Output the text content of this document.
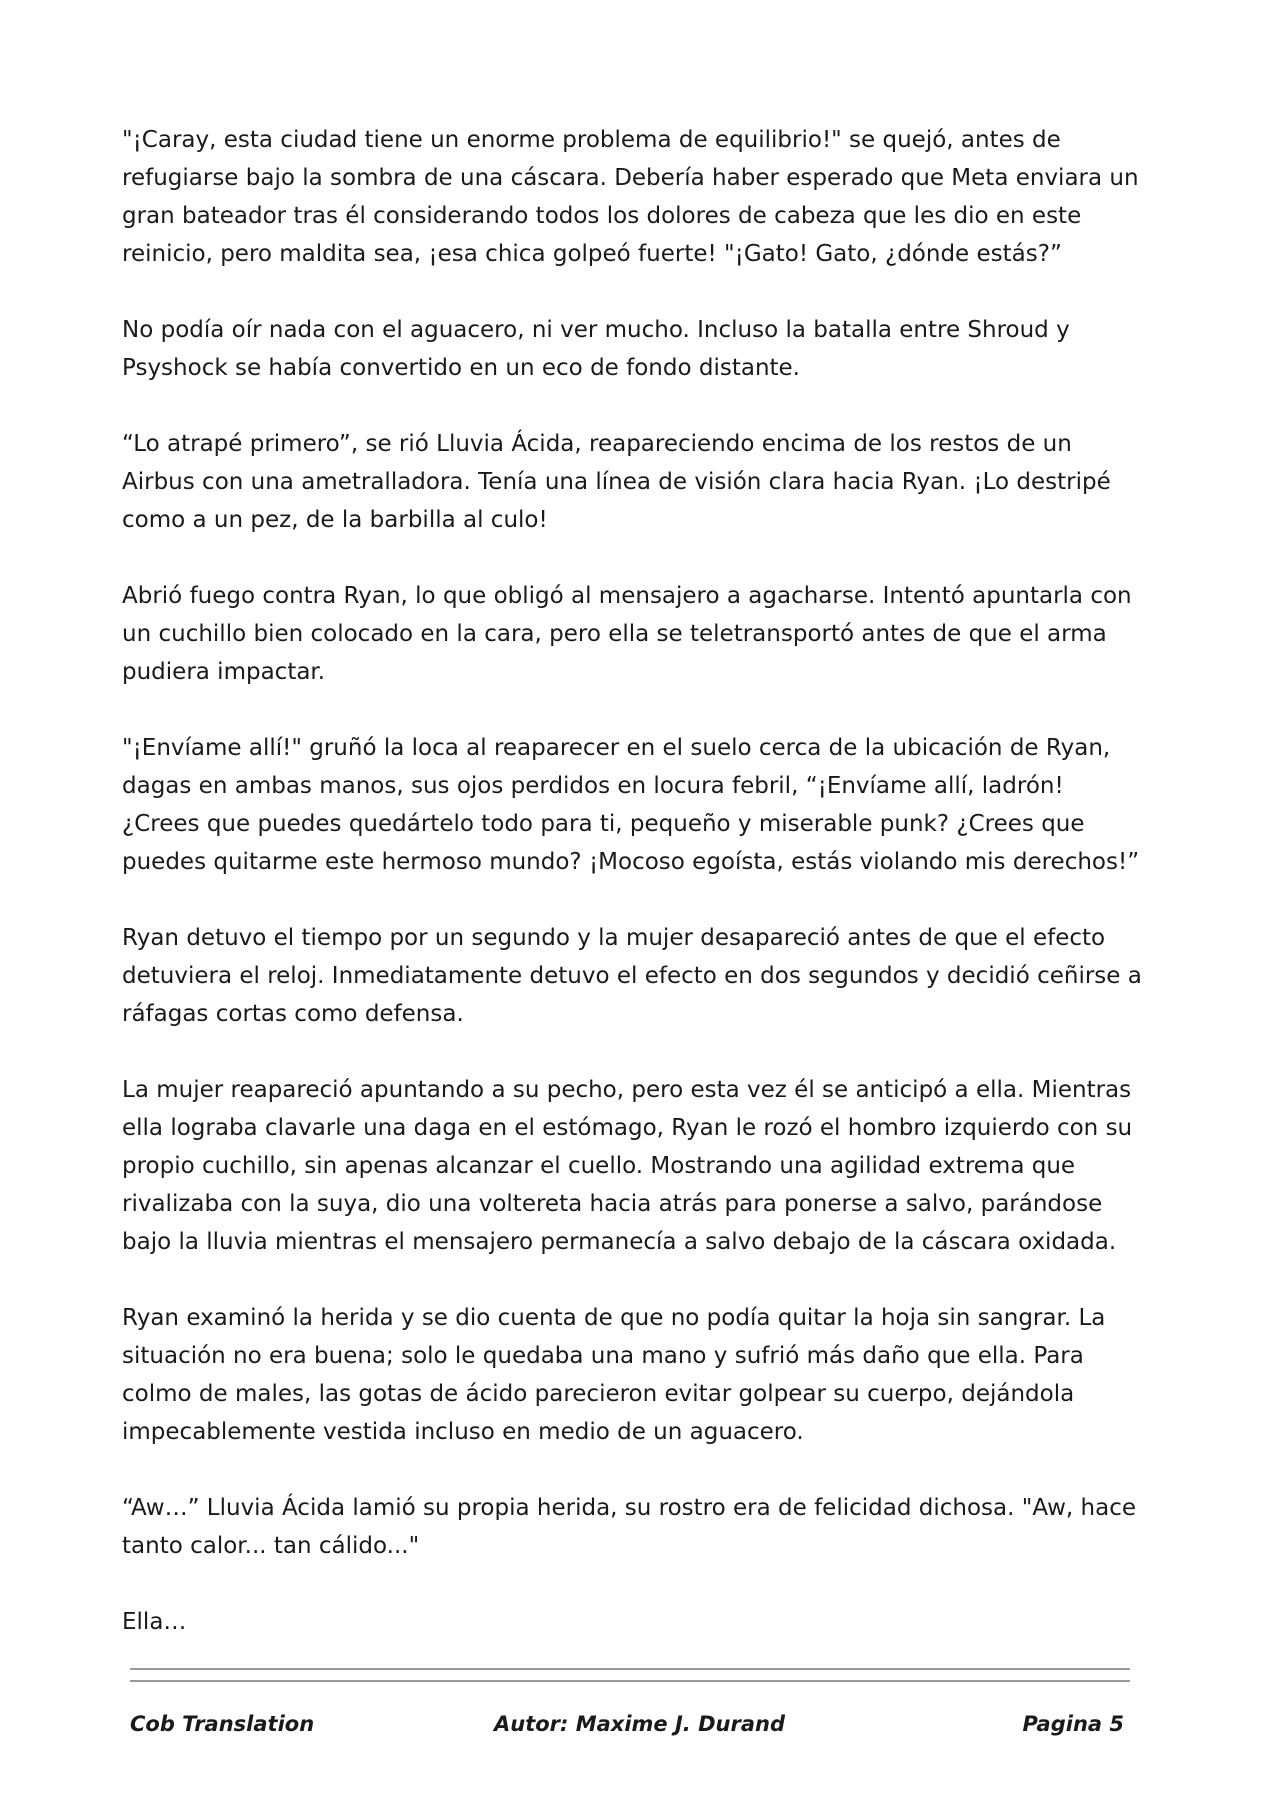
"¡Caray, esta ciudad tiene un enorme problema de equilibrio!" se quejó, antes de refugiarse bajo la sombra de una cáscara. Debería haber esperado que Meta enviara un gran bateador tras él considerando todos los dolores de cabeza que les dio en este reinicio, pero maldita sea, ¡esa chica golpeó fuerte! "¡Gato! Gato, ¿dónde estás?”

No podía oír nada con el aguacero, ni ver mucho. Incluso la batalla entre Shroud y Psyshock se había convertido en un eco de fondo distante.

“Lo atrapé primero”, se rió Lluvia Ácida, reapareciendo encima de los restos de un Airbus con una ametralladora. Tenía una línea de visión clara hacia Ryan. ¡Lo destripé como a un pez, de la barbilla al culo!

Abrió fuego contra Ryan, lo que obligó al mensajero a agacharse. Intentó apuntarla con un cuchillo bien colocado en la cara, pero ella se teletransportó antes de que el arma pudiera impactar.

"¡Envíame allí!" gruñó la loca al reaparecer en el suelo cerca de la ubicación de Ryan, dagas en ambas manos, sus ojos perdidos en locura febril, “¡Envíame allí, ladrón! ¿Crees que puedes quedártelo todo para ti, pequeño y miserable punk? ¿Crees que puedes quitarme este hermoso mundo? ¡Mocoso egoísta, estás violando mis derechos!”

Ryan detuvo el tiempo por un segundo y la mujer desapareció antes de que el efecto detuviera el reloj. Inmediatamente detuvo el efecto en dos segundos y decidió ceñirse a ráfagas cortas como defensa.

La mujer reapareció apuntando a su pecho, pero esta vez él se anticipó a ella. Mientras ella lograba clavarle una daga en el estómago, Ryan le rozó el hombro izquierdo con su propio cuchillo, sin apenas alcanzar el cuello. Mostrando una agilidad extrema que rivalizaba con la suya, dio una voltereta hacia atrás para ponerse a salvo, parándose bajo la lluvia mientras el mensajero permanecía a salvo debajo de la cáscara oxidada.

Ryan examinó la herida y se dio cuenta de que no podía quitar la hoja sin sangrar. La situación no era buena; solo le quedaba una mano y sufrió más daño que ella. Para colmo de males, las gotas de ácido parecieron evitar golpear su cuerpo, dejándola impecablemente vestida incluso en medio de un aguacero.

“Aw…” Lluvia Ácida lamió su propia herida, su rostro era de felicidad dichosa. "Aw, hace tanto calor... tan cálido..."

Ella…

Cob Translation	Autor: Maxime J. Durand	Pagina 5
